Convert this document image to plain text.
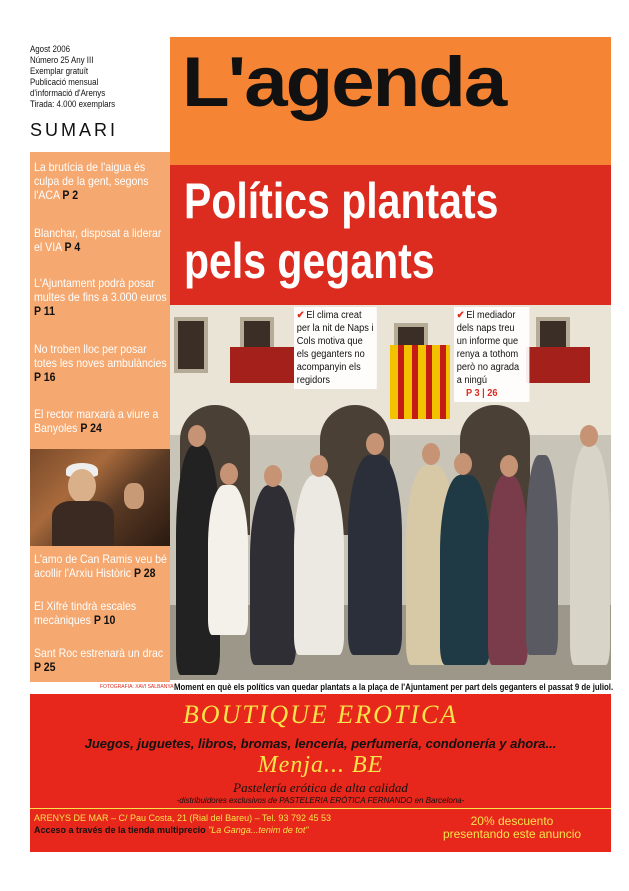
Agost 2006
Número 25 Any III
Exemplar gratuït
Publicació mensual
d'informació d'Arenys
Tirada: 4.000 exemplars
SUMARI
La brutícia de l'aigua és culpa de la gent, segons l'ACA P 2
Blanchar, disposat a liderar el VIA P 4
L'Ajuntament podrà posar multes de fins a 3.000 euros P 11
No troben lloc per posar totes les noves ambulàncies P 16
El rector marxarà a viure a Banyoles P 24
L'amo de Can Ramis veu bé acollir l'Arxiu Històric P 28
El Xifré tindrà escales mecàniques P 10
Sant Roc estrenarà un drac P 25
L'agenda
Polítics plantats
pels gegants
✔ El clima creat per la nit de Naps i Cols motiva que els geganters no acompanyin els regidors
✔ El mediador dels naps treu un informe que renya a tothom però no agrada a ningú
P 3 | 26
FOTOGRAFIA: XAVI SALBANYA Moment en què els polítics van quedar plantats a la plaça de l'Ajuntament per part dels geganters el passat 9 de juliol.
BOUTIQUE EROTICA
Juegos, juguetes, libros, bromas, lencería, perfumería, condonería y ahora...
Menja... BE
Pastelería erótica de alta calidad
-distribuidores exclusivos de PASTELERIA ERÓTICA FERNANDO en Barcelona-
ARENYS DE MAR – C/ Pau Costa, 21 (Rial del Bareu) – Tel. 93 792 45 53
Acceso a través de la tienda multiprecio "La Ganga...tenim de tot"
20% descuento
presentando este anuncio
